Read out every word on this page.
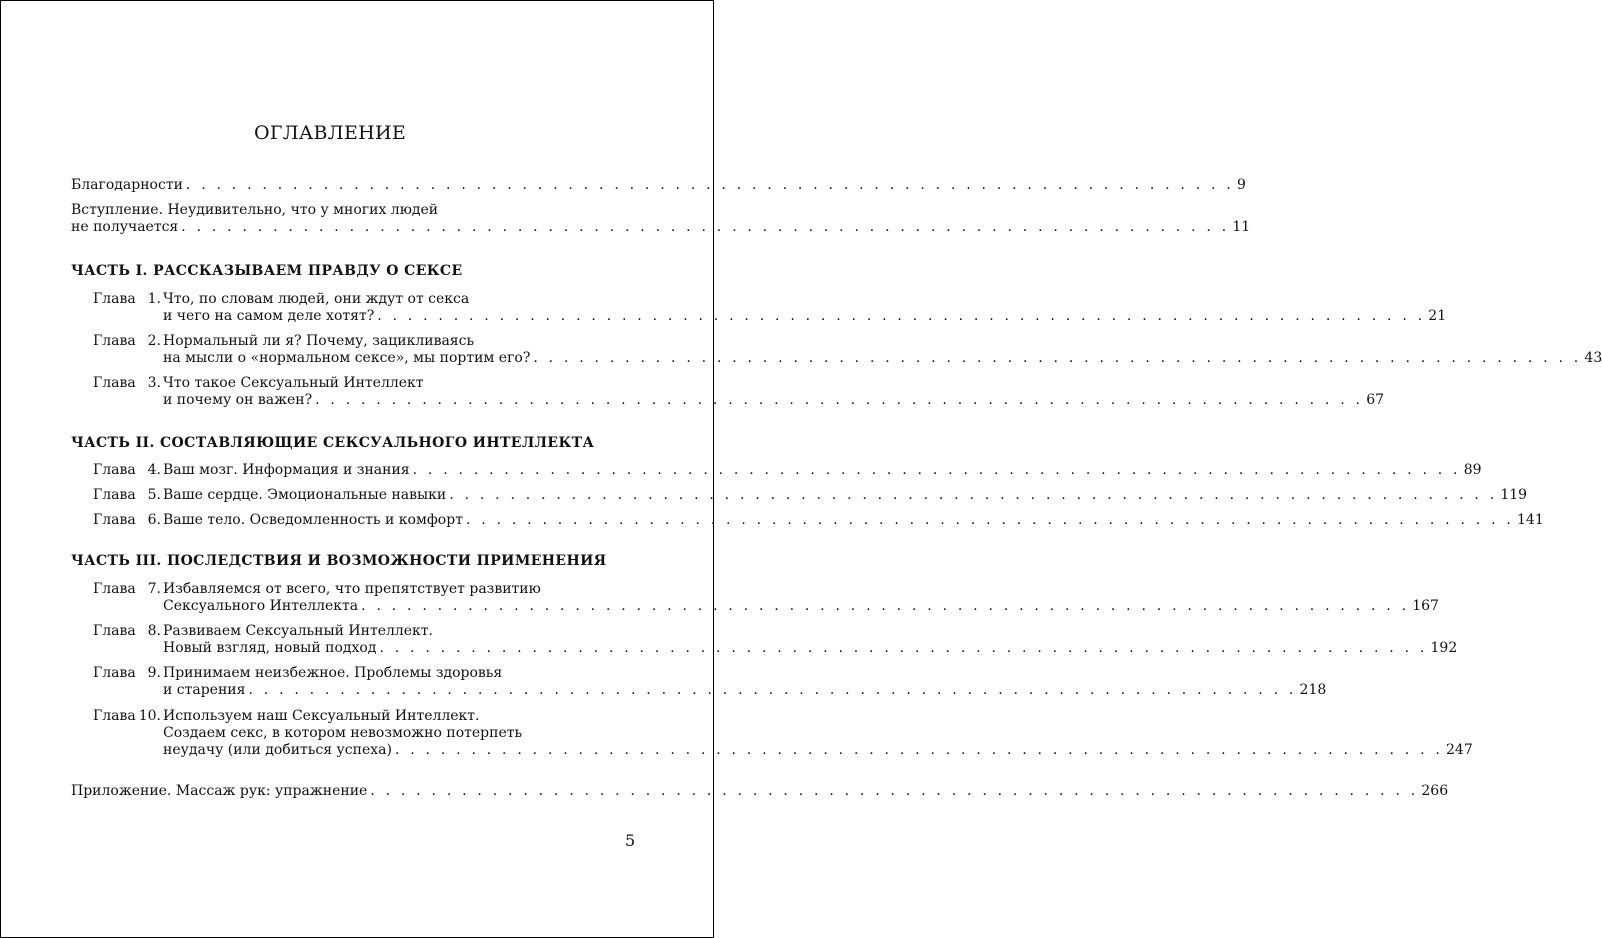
ОГЛАВЛЕНИЕ
Благодарности . . . . . . . . . . . . . . . . . . . . . . . . . . . . . . . . . . . . . . . . . . . . . . . . . . . . . . . . . . . . . . . . . . . . . 9
Вступление. Неудивительно, что у многих людей
не получается . . . . . . . . . . . . . . . . . . . . . . . . . . . . . . . . . . . . . . . . . . . . . . . . . . . . . . . . . . . . . . . . . . . . . 11
ЧАСТЬ I. РАССКАЗЫВАЕМ ПРАВДУ О СЕКСЕ
Глава 1. Что, по словам людей, они ждут от секса
и чего на самом деле хотят? . . . . . . . . . . . . . . . . . . . . . . . . . . . . . . . . . . . . . . . . . . . . . . . . . . . . . . . . . . . . . . . . . . . . . 21
Глава 2. Нормальный ли я? Почему, зацикливаясь
на мысли о «нормальном сексе», мы портим его? . . . . . . . . . . . . . . . . . . . . . . . . . . . . . . . . . . . . . . . . . . . . . . . . . . . . . . . . . . . . . . . . . . . . . 43
Глава 3. Что такое Сексуальный Интеллект
и почему он важен? . . . . . . . . . . . . . . . . . . . . . . . . . . . . . . . . . . . . . . . . . . . . . . . . . . . . . . . . . . . . . . . . . . . . . 67
ЧАСТЬ II. СОСТАВЛЯЮЩИЕ СЕКСУАЛЬНОГО ИНТЕЛЛЕКТА
Глава 4. Ваш мозг. Информация и знания . . . . . . . . . . . . . . . . . . . . . . . . . . . . . . . . . . . . . . . . . . . . . . . . . . . . . . . . . . . . . . . . . . . . . 89
Глава 5. Ваше сердце. Эмоциональные навыки . . . . . . . . . . . . . . . . . . . . . . . . . . . . . . . . . . . . . . . . . . . . . . . . . . . . . . . . . . . . . . . . . . . . . 119
Глава 6. Ваше тело. Осведомленность и комфорт . . . . . . . . . . . . . . . . . . . . . . . . . . . . . . . . . . . . . . . . . . . . . . . . . . . . . . . . . . . . . . . . . . . . . 141
ЧАСТЬ III. ПОСЛЕДСТВИЯ И ВОЗМОЖНОСТИ ПРИМЕНЕНИЯ
Глава 7. Избавляемся от всего, что препятствует развитию
Сексуального Интеллекта . . . . . . . . . . . . . . . . . . . . . . . . . . . . . . . . . . . . . . . . . . . . . . . . . . . . . . . . . . . . . . . . . . . . . 167
Глава 8. Развиваем Сексуальный Интеллект.
Новый взгляд, новый подход . . . . . . . . . . . . . . . . . . . . . . . . . . . . . . . . . . . . . . . . . . . . . . . . . . . . . . . . . . . . . . . . . . . . . 192
Глава 9. Принимаем неизбежное. Проблемы здоровья
и старения . . . . . . . . . . . . . . . . . . . . . . . . . . . . . . . . . . . . . . . . . . . . . . . . . . . . . . . . . . . . . . . . . . . . . 218
Глава 10. Используем наш Сексуальный Интеллект.
Создаем секс, в котором невозможно потерпеть
неудачу (или добиться успеха) . . . . . . . . . . . . . . . . . . . . . . . . . . . . . . . . . . . . . . . . . . . . . . . . . . . . . . . . . . . . . . . . . . . . . 247
Приложение. Массаж рук: упражнение . . . . . . . . . . . . . . . . . . . . . . . . . . . . . . . . . . . . . . . . . . . . . . . . . . . . . . . . . . . . . . . . . . . . . 266
5
